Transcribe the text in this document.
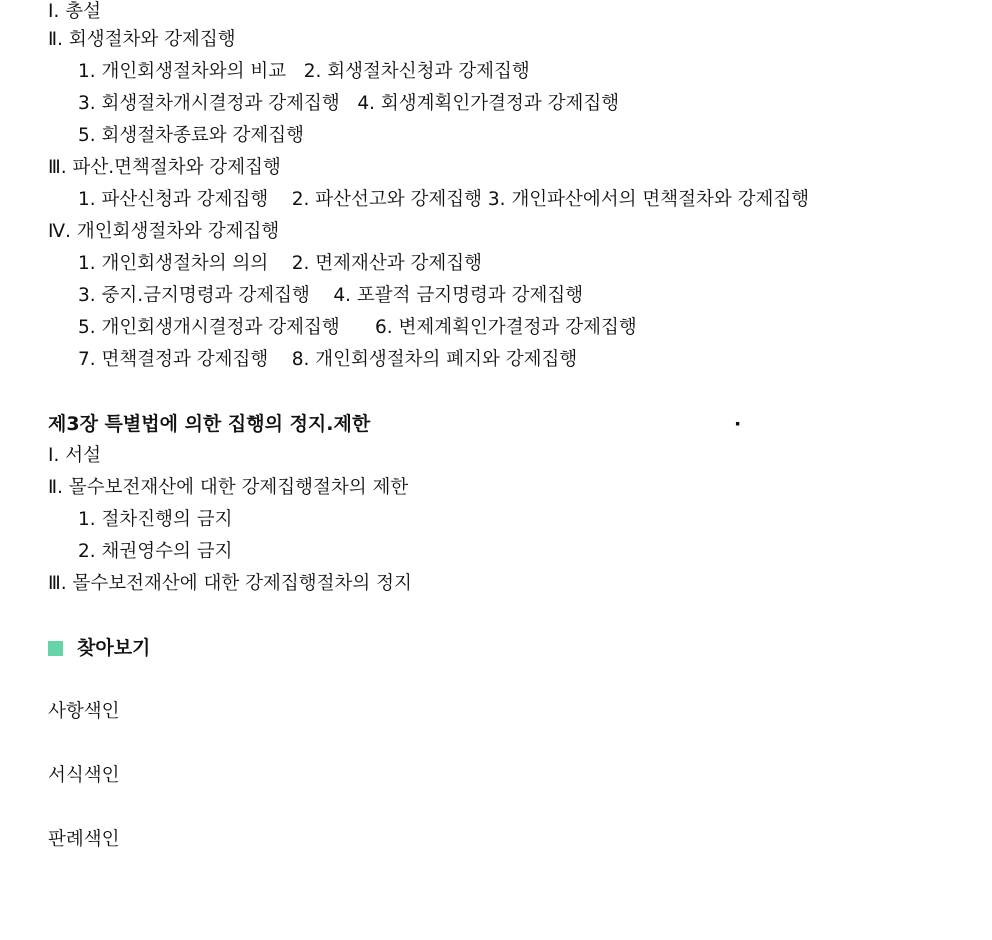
Ⅰ. 총설

Ⅱ. 회생절차와 강제집행

1. 개인회생절차와의 비교   2. 회생절차신청과 강제집행

3. 회생절차개시결정과 강제집행   4. 회생계획인가결정과 강제집행

5. 회생절차종료와 강제집행

Ⅲ. 파산.면책절차와 강제집행

1. 파산신청과 강제집행    2. 파산선고와 강제집행 3. 개인파산에서의 면책절차와 강제집행

Ⅳ. 개인회생절차와 강제집행

1. 개인회생절차의 의의    2. 면제재산과 강제집행

3. 중지.금지명령과 강제집행    4. 포괄적 금지명령과 강제집행

5. 개인회생개시결정과 강제집행      6. 변제계획인가결정과 강제집행

7. 면책결정과 강제집행    8. 개인회생절차의 폐지와 강제집행

제3장 특별법에 의한 집행의 정지.제한	·

Ⅰ. 서설

Ⅱ. 몰수보전재산에 대한 강제집행절차의 제한

1. 절차진행의 금지

2. 채권영수의 금지

Ⅲ. 몰수보전재산에 대한 강제집행절차의 정지

찾아보기
사항색인
서식색인
판례색인
